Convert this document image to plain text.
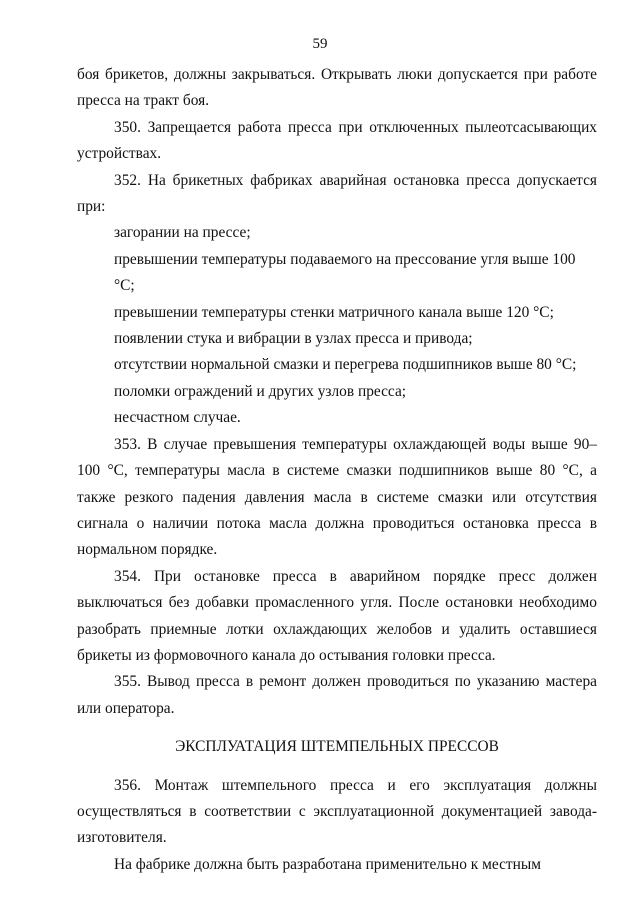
59

боя брикетов, должны закрываться. Открывать люки допускается при работе пресса на тракт боя.

350. Запрещается работа пресса при отключенных пылеотсасывающих устройствах.

352. На брикетных фабриках аварийная остановка пресса допускается при:

загорании на прессе;

превышении температуры подаваемого на прессование угля выше 100 °С;

превышении температуры стенки матричного канала выше 120 °С;

появлении стука и вибрации в узлах пресса и привода;

отсутствии нормальной смазки и перегрева подшипников выше 80 °С;

поломки ограждений и других узлов пресса;

несчастном случае.

353. В случае превышения температуры охлаждающей воды выше 90–100 °С, температуры масла в системе смазки подшипников выше 80 °С, а также резкого падения давления масла в системе смазки или отсутствия сигнала о наличии потока масла должна проводиться остановка пресса в нормальном порядке.

354. При остановке пресса в аварийном порядке пресс должен выключаться без добавки промасленного угля. После остановки необходимо разобрать приемные лотки охлаждающих желобов и удалить оставшиеся брикеты из формовочного канала до остывания головки пресса.

355. Вывод пресса в ремонт должен проводиться по указанию мастера или оператора.

ЭКСПЛУАТАЦИЯ ШТЕМПЕЛЬНЫХ ПРЕССОВ

356. Монтаж штемпельного пресса и его эксплуатация должны осуществляться в соответствии с эксплуатационной документацией завода-изготовителя.

На фабрике должна быть разработана применительно к местным
